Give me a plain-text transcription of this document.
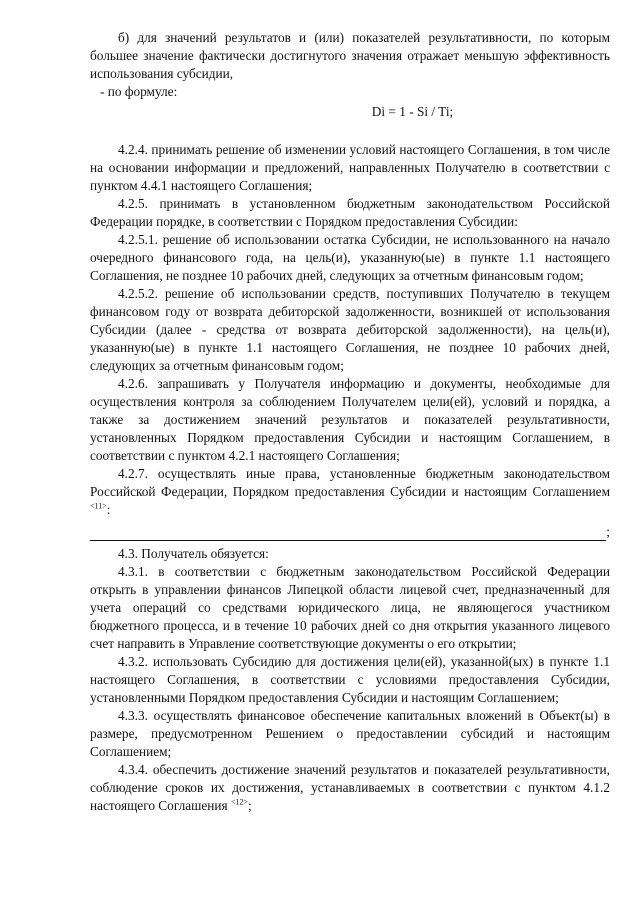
б) для значений результатов и (или) показателей результативности, по которым большее значение фактически достигнутого значения отражает меньшую эффективность использования субсидии,

- по формуле:

Di = 1 - Si / Ti;

4.2.4. принимать решение об изменении условий настоящего Соглашения, в том числе на основании информации и предложений, направленных Получателю в соответствии с пунктом 4.4.1 настоящего Соглашения;

4.2.5. принимать в установленном бюджетным законодательством Российской Федерации порядке, в соответствии с Порядком предоставления Субсидии:

4.2.5.1. решение об использовании остатка Субсидии, не использованного на начало очередного финансового года, на цель(и), указанную(ые) в пункте 1.1 настоящего Соглашения, не позднее 10 рабочих дней, следующих за отчетным финансовым годом;

4.2.5.2. решение об использовании средств, поступивших Получателю в текущем финансовом году от возврата дебиторской задолженности, возникшей от использования Субсидии (далее - средства от возврата дебиторской задолженности), на цель(и), указанную(ые) в пункте 1.1 настоящего Соглашения, не позднее 10 рабочих дней, следующих за отчетным финансовым годом;

4.2.6. запрашивать у Получателя информацию и документы, необходимые для осуществления контроля за соблюдением Получателем цели(ей), условий и порядка, а также за достижением значений результатов и показателей результативности, установленных Порядком предоставления Субсидии и настоящим Соглашением, в соответствии с пунктом 4.2.1 настоящего Соглашения;

4.2.7. осуществлять иные права, установленные бюджетным законодательством Российской Федерации, Порядком предоставления Субсидии и настоящим Соглашением $^{<11>}$:

;

4.3. Получатель обязуется:

4.3.1. в соответствии с бюджетным законодательством Российской Федерации открыть в управлении финансов Липецкой области лицевой счет, предназначенный для учета операций со средствами юридического лица, не являющегося участником бюджетного процесса, и в течение 10 рабочих дней со дня открытия указанного лицевого счет направить в Управление соответствующие документы о его открытии;

4.3.2. использовать Субсидию для достижения цели(ей), указанной(ых) в пункте 1.1 настоящего Соглашения, в соответствии с условиями предоставления Субсидии, установленными Порядком предоставления Субсидии и настоящим Соглашением;

4.3.3. осуществлять финансовое обеспечение капитальных вложений в Объект(ы) в размере, предусмотренном Решением о предоставлении субсидий и настоящим Соглашением;

4.3.4. обеспечить достижение значений результатов и показателей результативности, соблюдение сроков их достижения, устанавливаемых в соответствии с пунктом 4.1.2 настоящего Соглашения $^{<12>}$;
